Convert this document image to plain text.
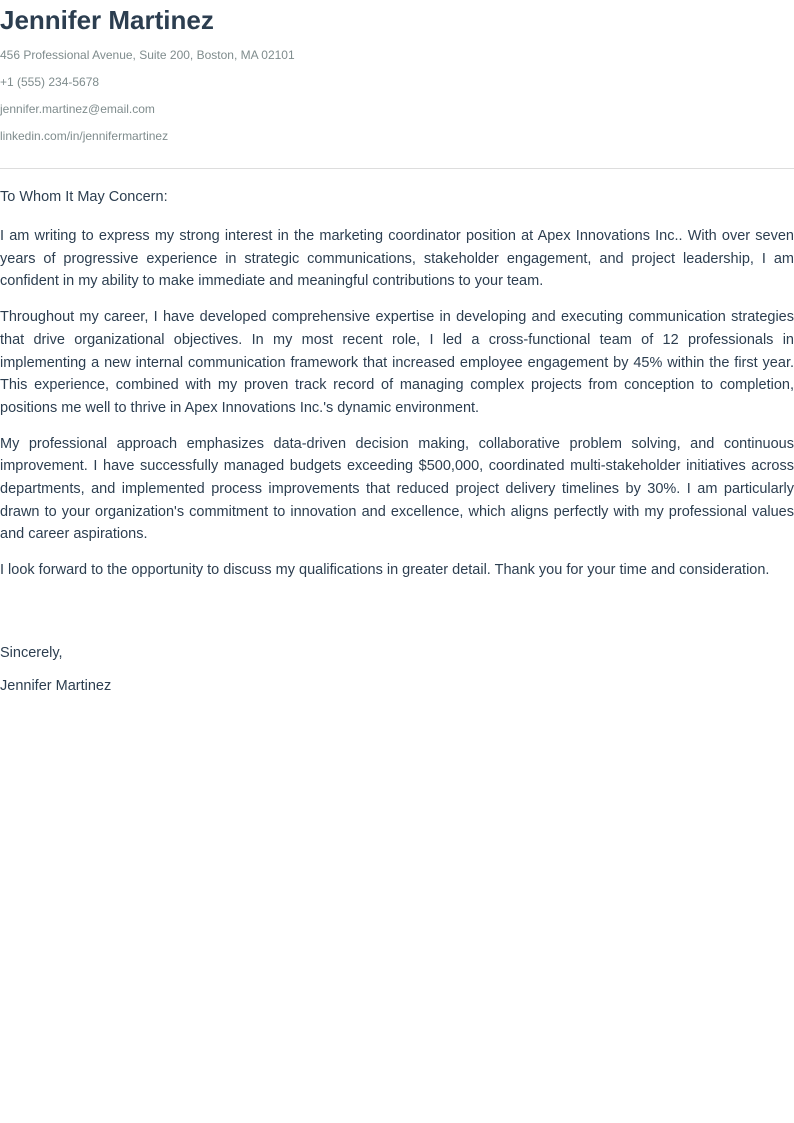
Jennifer Martinez

456 Professional Avenue, Suite 200, Boston, MA 02101

+1 (555) 234-5678

jennifer.martinez@email.com

linkedin.com/in/jennifermartinez

To Whom It May Concern:

I am writing to express my strong interest in the marketing coordinator position at Apex Innovations Inc.. With over seven years of progressive experience in strategic communications, stakeholder engagement, and project leadership, I am confident in my ability to make immediate and meaningful contributions to your team.

Throughout my career, I have developed comprehensive expertise in developing and executing communication strategies that drive organizational objectives. In my most recent role, I led a cross-functional team of 12 professionals in implementing a new internal communication framework that increased employee engagement by 45% within the first year. This experience, combined with my proven track record of managing complex projects from conception to completion, positions me well to thrive in Apex Innovations Inc.'s dynamic environment.

My professional approach emphasizes data-driven decision making, collaborative problem solving, and continuous improvement. I have successfully managed budgets exceeding $500,000, coordinated multi-stakeholder initiatives across departments, and implemented process improvements that reduced project delivery timelines by 30%. I am particularly drawn to your organization's commitment to innovation and excellence, which aligns perfectly with my professional values and career aspirations.

I look forward to the opportunity to discuss my qualifications in greater detail. Thank you for your time and consideration.

Sincerely,

Jennifer Martinez
